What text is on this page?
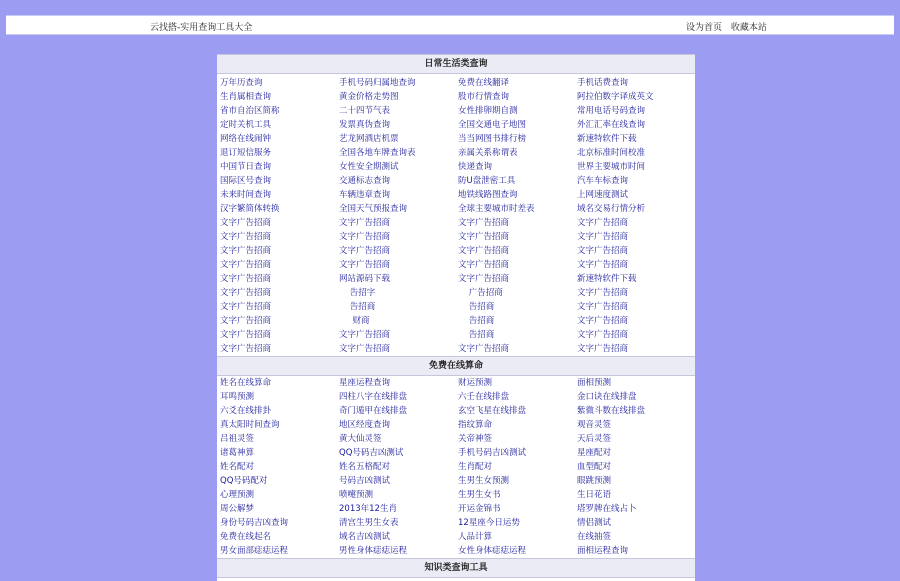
云找搭-实用查询工具大全	设为首页 收藏本站
日常生活类查询
万年历查询	手机号码归属地查询	免费在线翻译	手机话费查询
生肖属相查询	黄金价格走势图	股市行情查询	阿拉伯数字译成英文
省市自治区简称	二十四节气表	女性排卵期自测	常用电话号码查询
定时关机工具	发票真伪查询	全国交通电子地图	外汇汇率在线查询
网络在线闹钟	艺龙网酒店机票	当当网图书排行榜	新速特软件下载
退订短信服务	全国各地车牌查询表	亲属关系称谓表	北京标准时间校准
中国节日查询	女性安全期测试	快递查询	世界主要城市时间
国际区号查询	交通标志查询	防U盘泄密工具	汽车车标查询
未来时间查询	车辆违章查询	地铁线路图查询	上网速度测试
汉字繁简体转换	全国天气预报查询	全球主要城市时差表	域名交易行情分析
文字广告招商	文字广告招商	文字广告招商	文字广告招商
文字广告招商	文字广告招商	文字广告招商	文字广告招商
文字广告招商	文字广告招商	文字广告招商	文字广告招商
文字广告招商	文字广告招商	文字广告招商	文字广告招商
文字广告招商	网站源码下载	文字广告招商	新速特软件下载
文字广告招商	告招字	广告招商	文字广告招商
文字广告招商	告招商	告招商	文字广告招商
文字广告招商	财商	告招商	文字广告招商
文字广告招商	文字广告招商	告招商	文字广告招商
文字广告招商	文字广告招商	文字广告招商	文字广告招商
免费在线算命
姓名在线算命	星座运程查询	财运预测	面相预测
耳鸣预测	四柱八字在线排盘	六壬在线排盘	金口诀在线排盘
六爻在线排卦	奇门遁甲在线排盘	玄空飞星在线排盘	紫微斗数在线排盘
真太阳时间查询	地区经度查询	指纹算命	观音灵签
吕祖灵签	黄大仙灵签	关帝神签	天后灵签
诸葛神算	QQ号码吉凶测试	手机号码吉凶测试	星座配对
姓名配对	姓名五格配对	生肖配对	血型配对
QQ号码配对	号码吉凶测试	生男生女预测	眼跳预测
心理预测	喷嚏预测	生男生女书	生日花语
周公解梦	2013年12生肖	开运金锦书	塔罗牌在线占卜
身份号码吉凶查询	清宫生男生女表	12星座今日运势	情侣测试
免费在线起名	域名吉凶测试	人品计算	在线抽签
男女面部痣痣运程	男性身体痣痣运程	女性身体痣痣运程	面相运程查询
知识类查询工具
